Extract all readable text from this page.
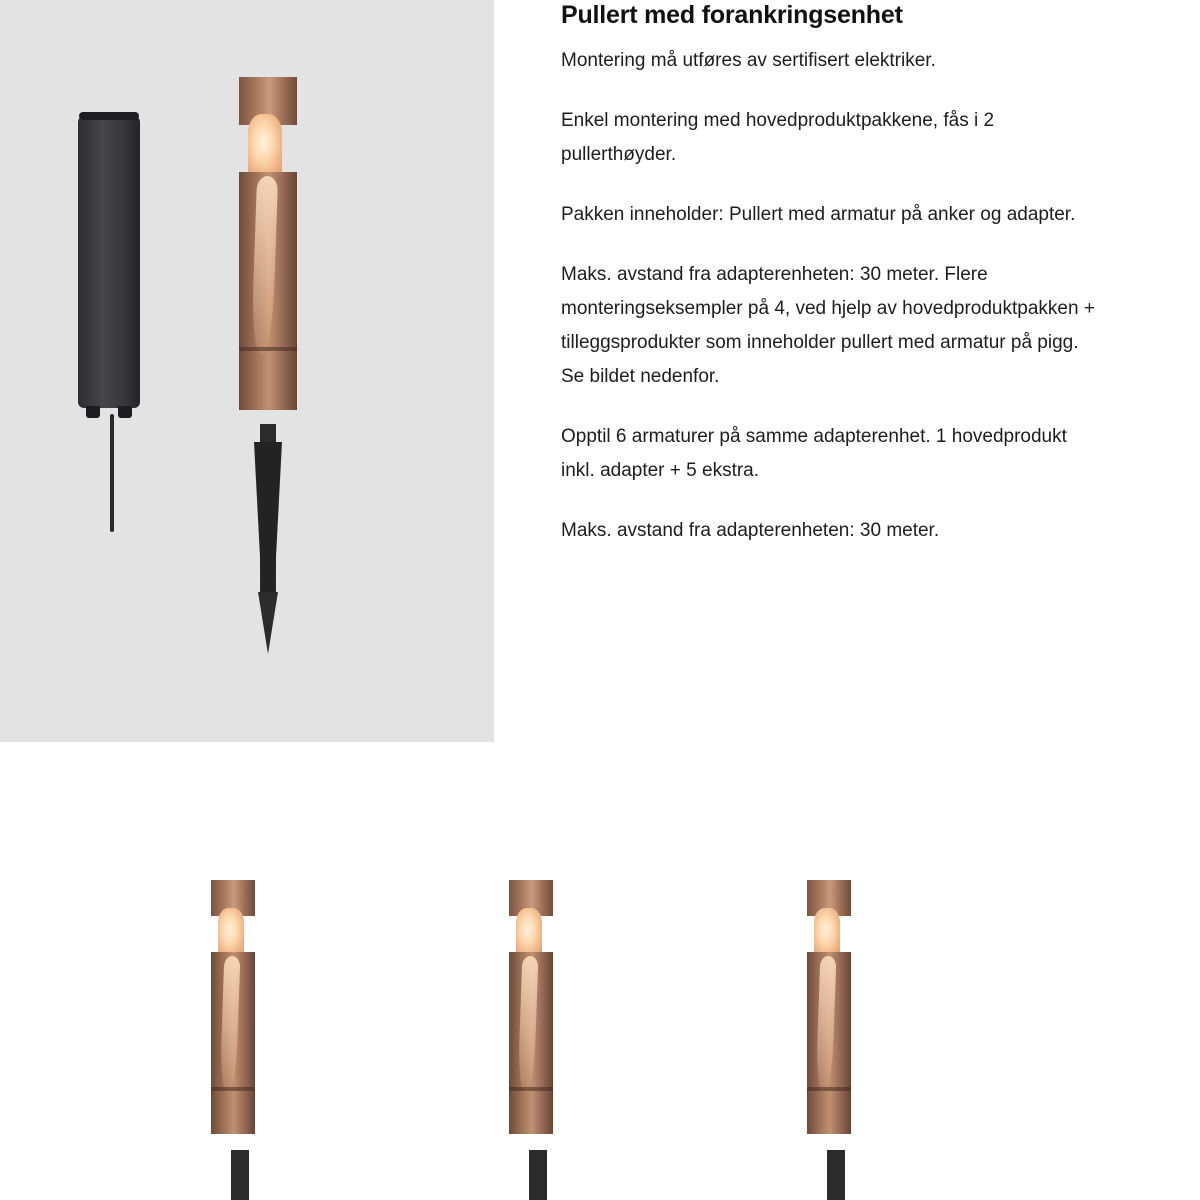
Pullert med forankringsenhet

Montering må utføres av sertifisert elektriker.

Enkel montering med hovedproduktpakkene, fås i 2 pullerthøyder.

Pakken inneholder: Pullert med armatur på anker og adapter.

Maks. avstand fra adapterenheten: 30 meter. Flere monteringseksempler på 4, ved hjelp av hovedproduktpakken + tilleggsprodukter som inneholder pullert med armatur på pigg. Se bildet nedenfor.

Opptil 6 armaturer på samme adapterenhet. 1 hovedprodukt inkl. adapter + 5 ekstra.

Maks. avstand fra adapterenheten: 30 meter.
